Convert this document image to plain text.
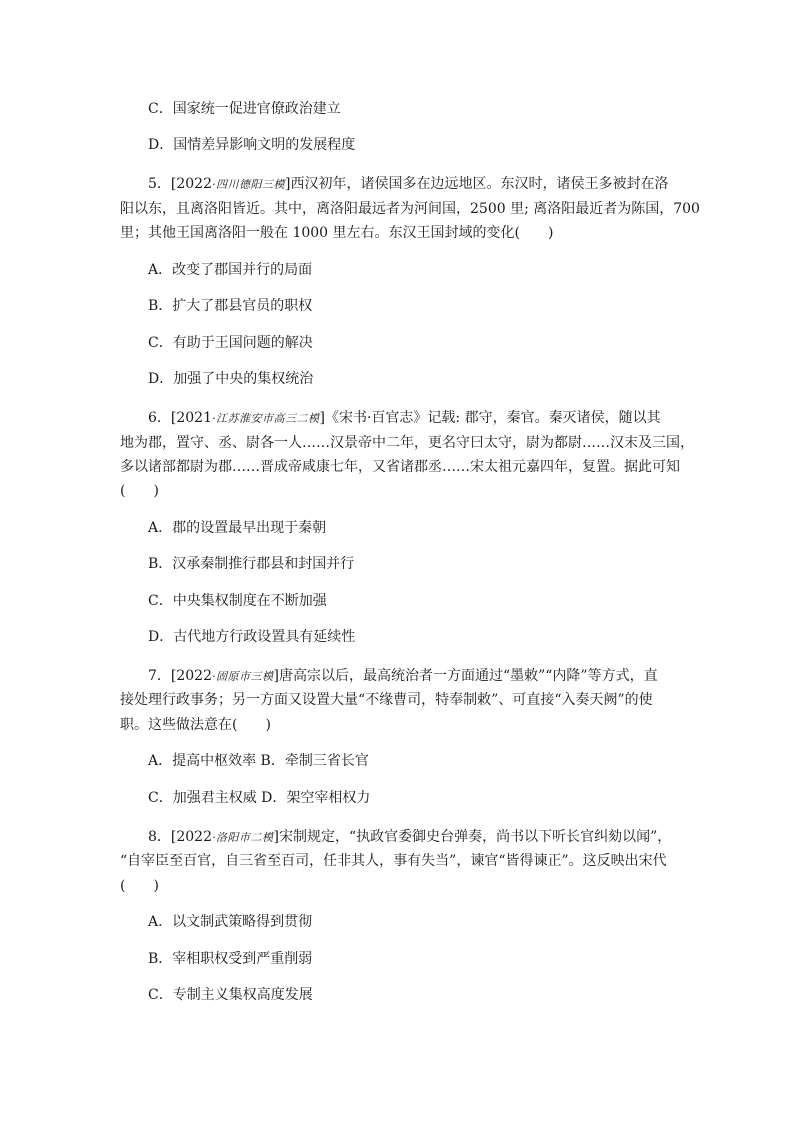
C．国家统一促进官僚政治建立
D．国情差异影响文明的发展程度
5．[2022·四川德阳三模]西汉初年，诸侯国多在边远地区。东汉时，诸侯王多被封在洛
阳以东，且离洛阳皆近。其中，离洛阳最远者为河间国，2500 里; 离洛阳最近者为陈国，700
里；其他王国离洛阳一般在 1000 里左右。东汉王国封域的变化(　　)
A．改变了郡国并行的局面
B．扩大了郡县官员的职权
C．有助于王国问题的解决
D．加强了中央的集权统治
6．[2021·江苏淮安市高三二模]《宋书·百官志》记载: 郡守，秦官。秦灭诸侯，随以其
地为郡，置守、丞、尉各一人……汉景帝中二年，更名守曰太守，尉为都尉……汉末及三国，
多以诸部都尉为郡……晋成帝咸康七年，又省诸郡丞……宋太祖元嘉四年，复置。据此可知
(　　)
A．郡的设置最早出现于秦朝
B．汉承秦制推行郡县和封国并行
C．中央集权制度在不断加强
D．古代地方行政设置具有延续性
7．[2022·固原市三模]唐高宗以后，最高统治者一方面通过“墨敕”“内降”等方式，直
接处理行政事务；另一方面又设置大量“不缘曹司，特奉制敕”、可直接“入奏天阙”的使
职。这些做法意在(　　)
A．提高中枢效率 B．牵制三省长官
C．加强君主权威 D．架空宰相权力
8．[2022·洛阳市二模]宋制规定，“执政官委御史台弹奏，尚书以下听长官纠劾以闻”，
“自宰臣至百官，自三省至百司，任非其人，事有失当”，谏官“皆得谏正”。这反映出宋代
(　　)
A．以文制武策略得到贯彻
B．宰相职权受到严重削弱
C．专制主义集权高度发展
